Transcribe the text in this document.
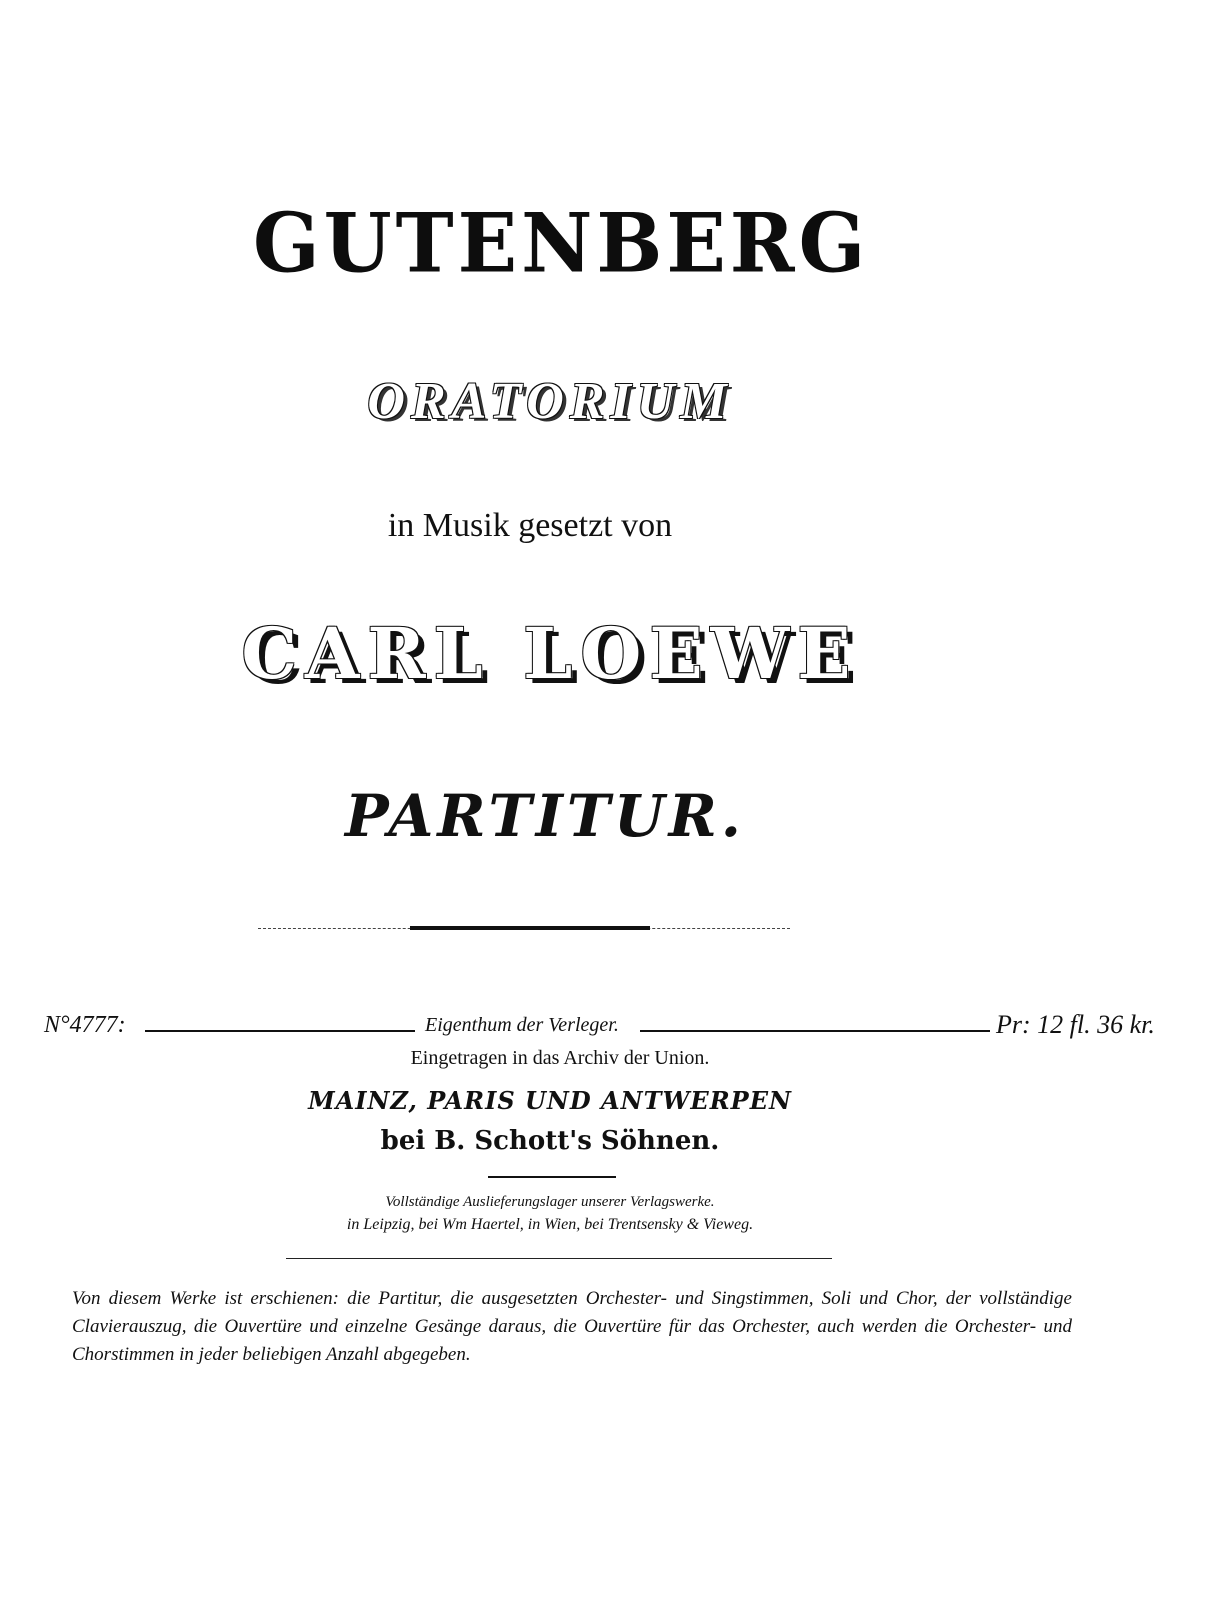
GUTENBERG
ORATORIUM
in Musik gesetzt von
CARL LOEWE
PARTITUR.
N°4777:	Eigenthum der Verleger.	Pr: 12 fl. 36 kr.
Eingetragen in das Archiv der Union.
MAINZ, PARIS UND ANTWERPEN
bei B. Schott's Söhnen.
Vollständige Auslieferungslager unserer Verlagswerke.
in Leipzig, bei Wm Haertel, in Wien, bei Trentsensky & Vieweg.
Von diesem Werke ist erschienen: die Partitur, die ausgesetzten Orchester- und Singstimmen, Soli und Chor, der vollständige Clavierauszug, die Ouvertüre und einzelne Gesänge daraus, die Ouvertüre für das Orchester, auch werden die Orchester- und Chorstimmen in jeder beliebigen Anzahl abgegeben.
